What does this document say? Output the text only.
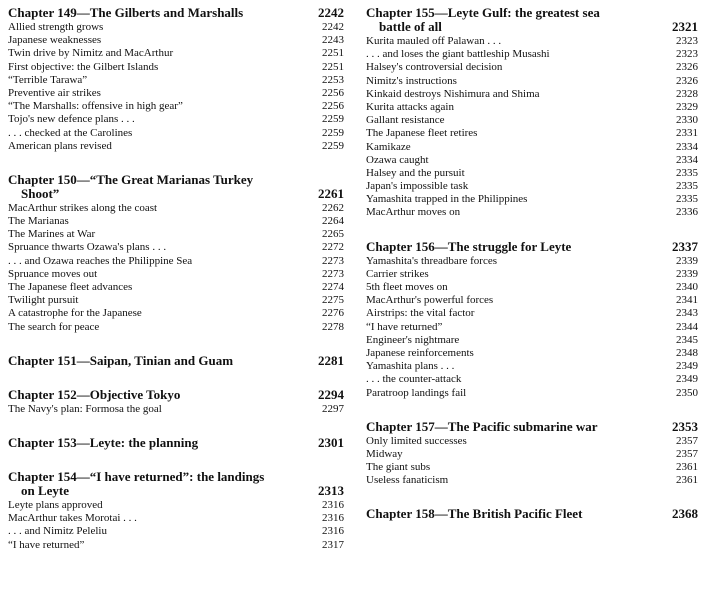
Chapter 149—The Gilberts and Marshalls	2242
Allied strength grows	2242
Japanese weaknesses	2243
Twin drive by Nimitz and MacArthur	2251
First objective: the Gilbert Islands	2251
“Terrible Tarawa”	2253
Preventive air strikes	2256
“The Marshalls: offensive in high gear”	2256
Tojo's new defence plans . . .	2259
. . . checked at the Carolines	2259
American plans revised	2259
Chapter 150—“The Great Marianas Turkey
Shoot”	2261
MacArthur strikes along the coast	2262
The Marianas	2264
The Marines at War	2265
Spruance thwarts Ozawa's plans . . .	2272
. . . and Ozawa reaches the Philippine Sea	2273
Spruance moves out	2273
The Japanese fleet advances	2274
Twilight pursuit	2275
A catastrophe for the Japanese	2276
The search for peace	2278
Chapter 151—Saipan, Tinian and Guam	2281
Chapter 152—Objective Tokyo	2294
The Navy's plan: Formosa the goal	2297
Chapter 153—Leyte: the planning	2301
Chapter 154—“I have returned”: the landings
on Leyte	2313
Leyte plans approved	2316
MacArthur takes Morotai . . .	2316
. . . and Nimitz Peleliu	2316
“I have returned”	2317
Chapter 155—Leyte Gulf: the greatest sea
battle of all	2321
Kurita mauled off Palawan . . .	2323
. . . and loses the giant battleship Musashi	2323
Halsey's controversial decision	2326
Nimitz's instructions	2326
Kinkaid destroys Nishimura and Shima	2328
Kurita attacks again	2329
Gallant resistance	2330
The Japanese fleet retires	2331
Kamikaze	2334
Ozawa caught	2334
Halsey and the pursuit	2335
Japan's impossible task	2335
Yamashita trapped in the Philippines	2335
MacArthur moves on	2336
Chapter 156—The struggle for Leyte	2337
Yamashita's threadbare forces	2339
Carrier strikes	2339
5th fleet moves on	2340
MacArthur's powerful forces	2341
Airstrips: the vital factor	2343
“I have returned”	2344
Engineer's nightmare	2345
Japanese reinforcements	2348
Yamashita plans . . .	2349
. . . the counter-attack	2349
Paratroop landings fail	2350
Chapter 157—The Pacific submarine war	2353
Only limited successes	2357
Midway	2357
The giant subs	2361
Useless fanaticism	2361
Chapter 158—The British Pacific Fleet	2368
